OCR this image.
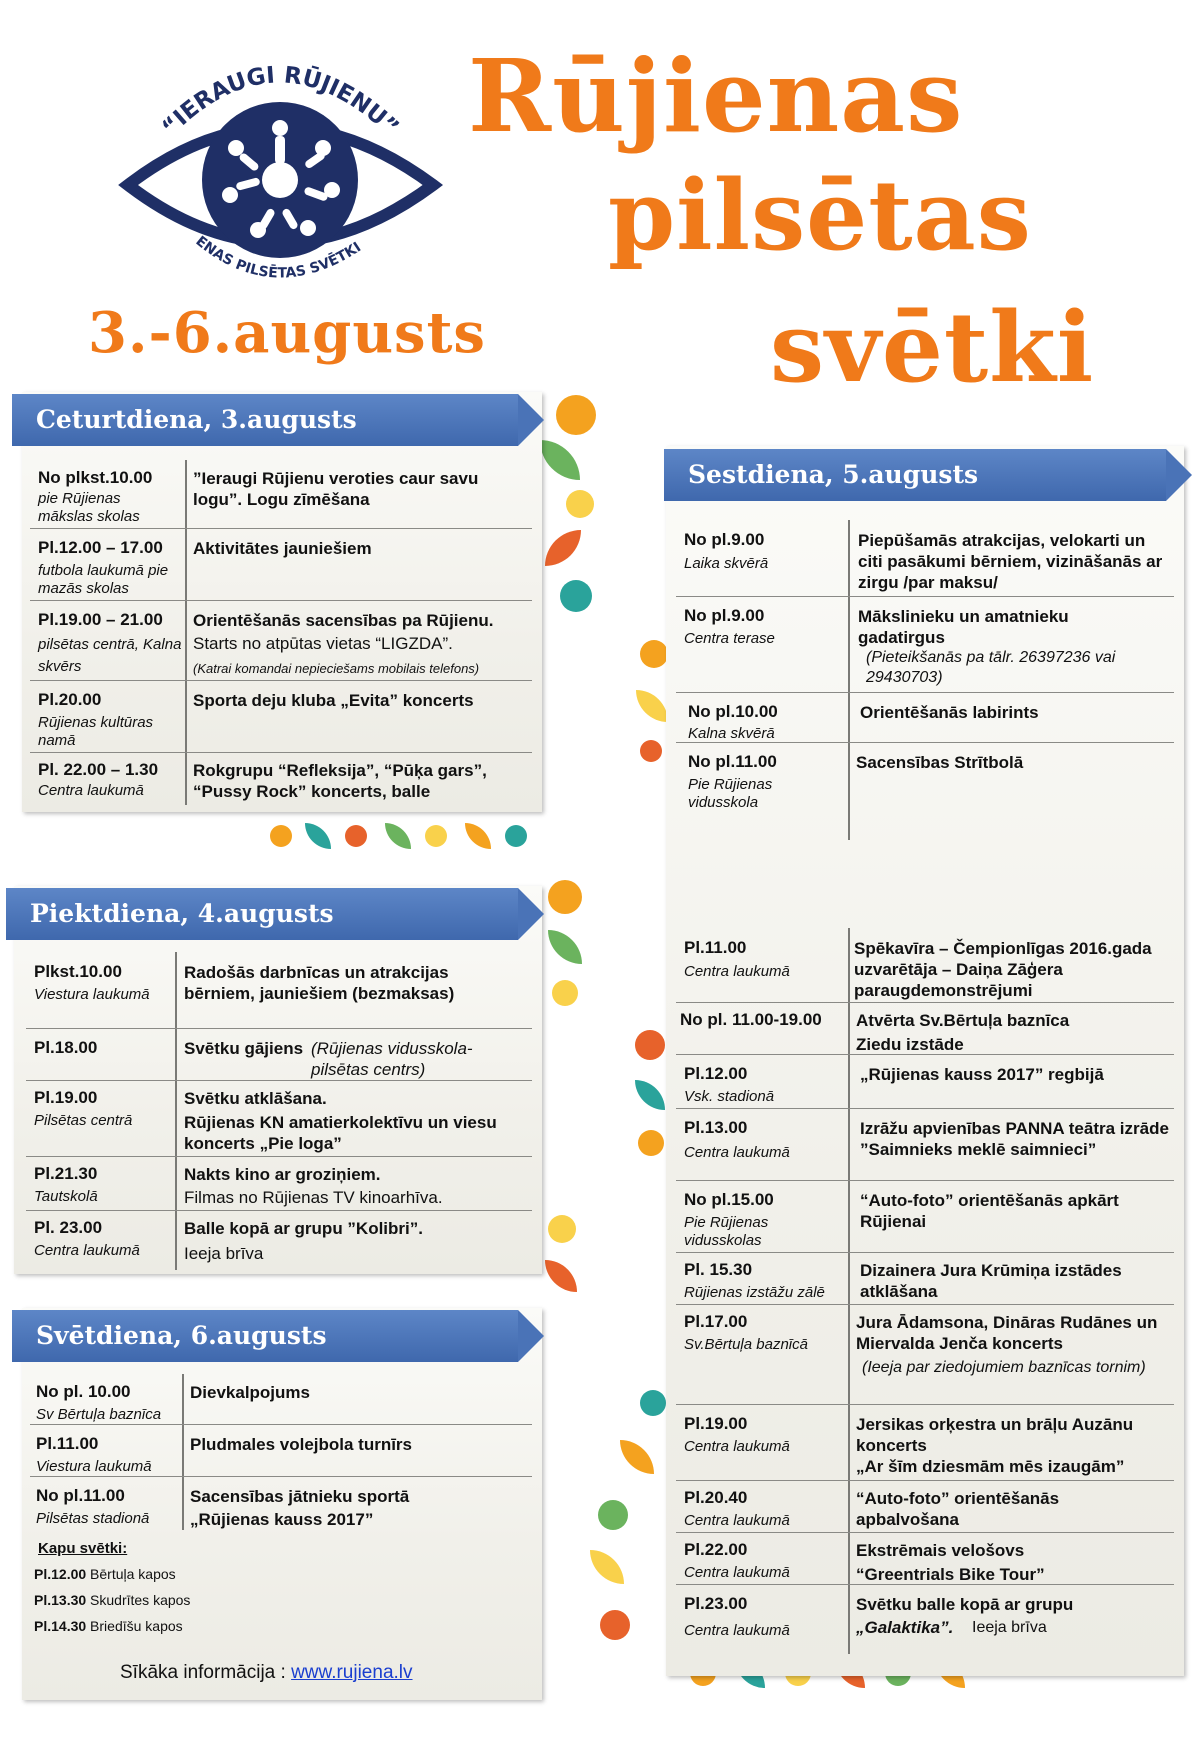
“IERAUGI RŪJIENU”
ENAS PILSĒTAS SVĒTKI
Rūjienas
pilsētas
svētki
3.-6.augusts
Ceturtdiena, 3.augusts
No plkst.10.00
pie Rūjienas mākslas skolas
”Ieraugi Rūjienu veroties caur savu logu”. Logu zīmēšana
Pl.12.00 – 17.00
futbola laukumā pie mazās skolas
Aktivitātes jauniešiem
Pl.19.00 – 21.00
pilsētas centrā, Kalna skvērs
Orientēšanās sacensības pa Rūjienu.
Starts no atpūtas vietas “LIGZDA”.
(Katrai komandai nepieciešams mobilais telefons)
Pl.20.00
Rūjienas kultūras namā
Sporta deju kluba „Evita” koncerts
Pl. 22.00 – 1.30
Centra laukumā
Rokgrupu “Refleksija”, “Pūķa gars”, “Pussy Rock” koncerts, balle
Piektdiena, 4.augusts
Plkst.10.00
Viestura laukumā
Radošās darbnīcas un atrakcijas bērniem, jauniešiem (bezmaksas)
Pl.18.00	Svētku gājiens (Rūjienas vidusskola-pilsētas centrs)
Pl.19.00
Pilsētas centrā
Svētku atklāšana.
Rūjienas KN amatierkolektīvu un viesu koncerts „Pie loga”
Pl.21.30
Tautskolā
Nakts kino ar groziņiem.
Filmas no Rūjienas TV kinoarhīva.
Pl. 23.00
Centra laukumā
Balle kopā ar grupu ”Kolibri”.
Ieeja brīva
Svētdiena, 6.augusts
No pl. 10.00
Sv Bērtuļa baznīca
Dievkalpojums
Pl.11.00
Viestura laukumā
Pludmales volejbola turnīrs
No pl.11.00
Pilsētas stadionā
Sacensības jātnieku sportā
„Rūjienas kauss 2017”
Kapu svētki:
Pl.12.00 Bērtuļa kapos
Pl.13.30 Skudrītes kapos
Pl.14.30 Briedīšu kapos
Sīkāka informācija : www.rujiena.lv
Sestdiena, 5.augusts
No pl.9.00
Laika skvērā
Piepūšamās atrakcijas, velokarti un citi pasākumi bērniem, vizināšanās ar zirgu /par maksu/
No pl.9.00
Centra terase
Mākslinieku un amatnieku gadatirgus
(Pieteikšanās pa tālr. 26397236 vai 29430703)
No pl.10.00
Kalna skvērā
Orientēšanās labirints
No pl.11.00
Pie Rūjienas vidusskola
Sacensības Strītbolā
Pl.11.00
Centra laukumā
Spēkavīra – Čempionlīgas 2016.gada uzvarētāja – Daiņa Zāģera paraugdemonstrējumi
No pl. 11.00-19.00 Atvērta Sv.Bērtuļa baznīca
Ziedu izstāde
Pl.12.00
Vsk. stadionā
„Rūjienas kauss 2017” regbijā
Pl.13.00
Centra laukumā
Izrāžu apvienības PANNA teātra izrāde ”Saimnieks meklē saimnieci”
No pl.15.00
Pie Rūjienas vidusskolas
“Auto-foto” orientēšanās apkārt Rūjienai
Pl. 15.30
Rūjienas izstāžu zālē
Dizainera Jura Krūmiņa izstādes atklāšana
Pl.17.00
Sv.Bērtuļa baznīcā
Jura Ādamsona, Dināras Rudānes un Miervalda Jenča koncerts
(Ieeja par ziedojumiem baznīcas tornim)
Pl.19.00
Centra laukumā
Jersikas orķestra un brāļu Auzānu koncerts
„Ar šīm dziesmām mēs izaugām”
Pl.20.40
Centra laukumā
“Auto-foto” orientēšanās apbalvošana
Pl.22.00
Centra laukumā
Ekstrēmais velošovs
“Greentrials Bike Tour”
Pl.23.00
Centra laukumā
Svētku balle kopā ar grupu
„Galaktika”. Ieeja brīva
